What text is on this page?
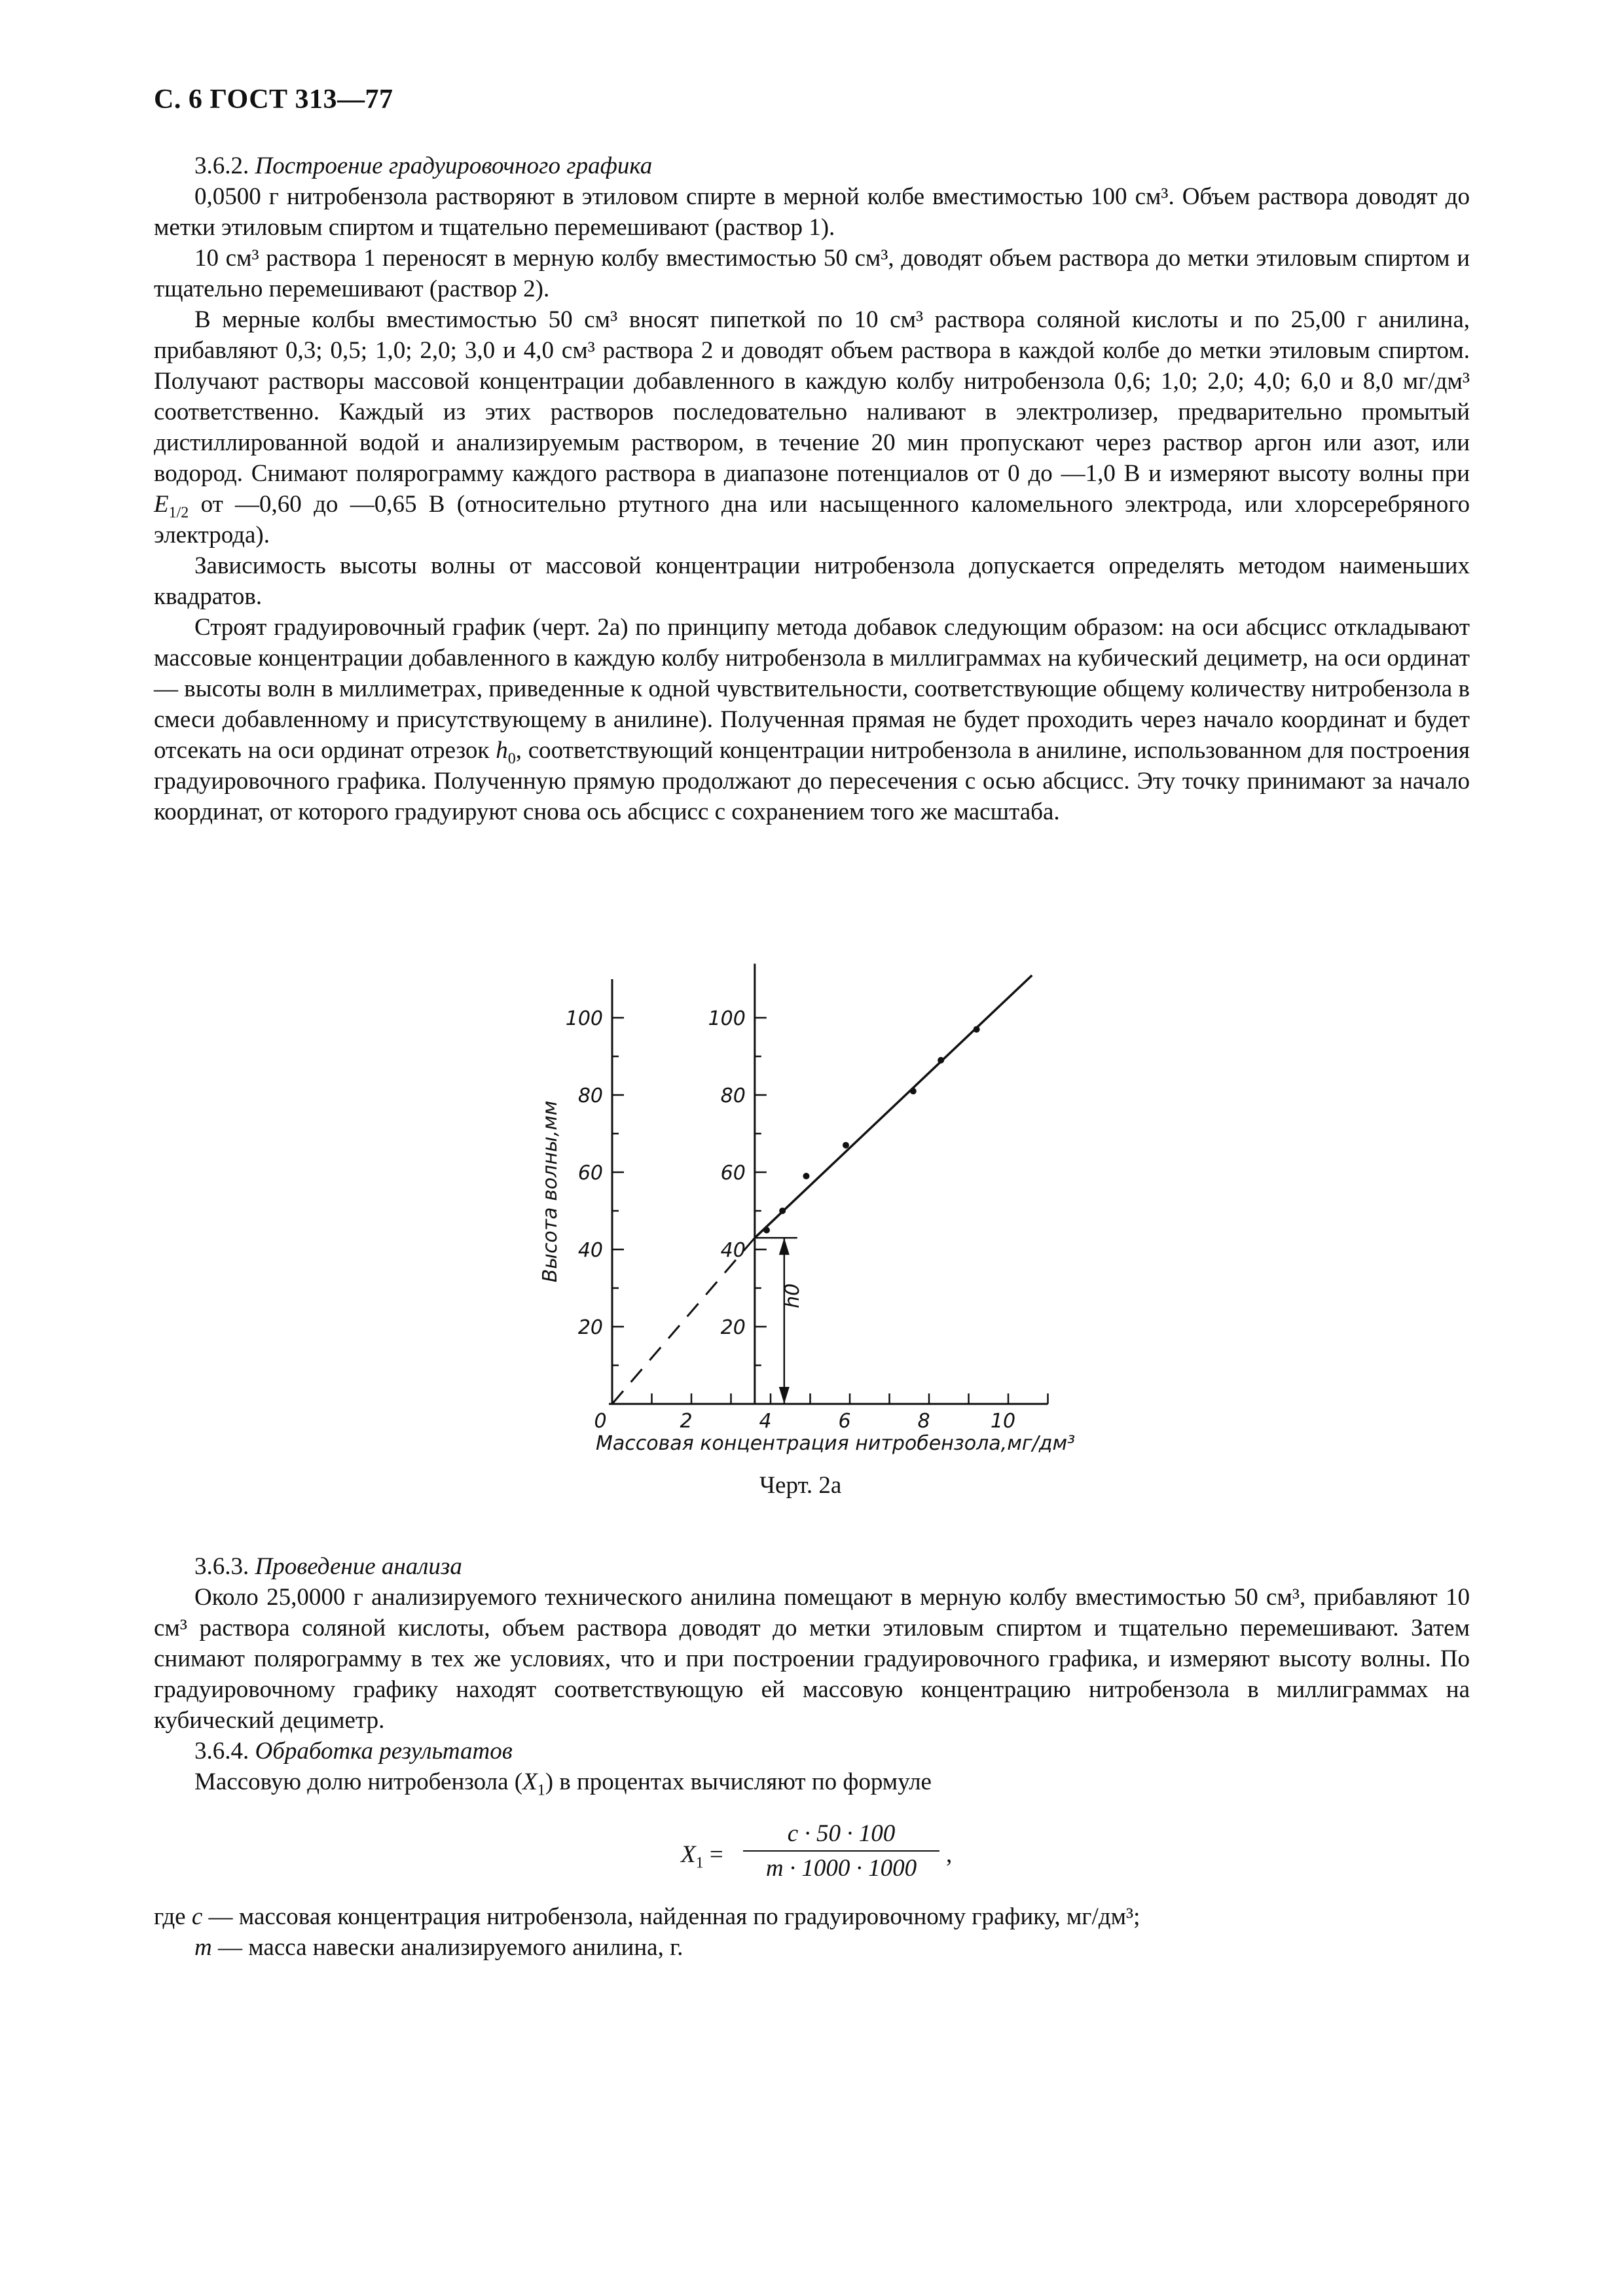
С. 6 ГОСТ 313—77

3.6.2. Построение градуировочного графика

0,0500 г нитробензола растворяют в этиловом спирте в мерной колбе вместимостью 100 см³. Объем раствора доводят до метки этиловым спиртом и тщательно перемешивают (раствор 1).

10 см³ раствора 1 переносят в мерную колбу вместимостью 50 см³, доводят объем раствора до метки этиловым спиртом и тщательно перемешивают (раствор 2).

В мерные колбы вместимостью 50 см³ вносят пипеткой по 10 см³ раствора соляной кислоты и по 25,00 г анилина, прибавляют 0,3; 0,5; 1,0; 2,0; 3,0 и 4,0 см³ раствора 2 и доводят объем раствора в каждой колбе до метки этиловым спиртом. Получают растворы массовой концентрации добавленного в каждую колбу нитробензола 0,6; 1,0; 2,0; 4,0; 6,0 и 8,0 мг/дм³ соответственно. Каждый из этих растворов последовательно наливают в электролизер, предварительно промытый дистиллированной водой и анализируемым раствором, в течение 20 мин пропускают через раствор аргон или азот, или водород. Снимают полярограмму каждого раствора в диапазоне потенциалов от 0 до —1,0 В и измеряют высоту волны при $E_{1/2}$ от —0,60 до —0,65 В (относительно ртутного дна или насыщенного каломельного электрода, или хлорсеребряного электрода).

Зависимость высоты волны от массовой концентрации нитробензола допускается определять методом наименьших квадратов.

Строят градуировочный график (черт. 2а) по принципу метода добавок следующим образом: на оси абсцисс откладывают массовые концентрации добавленного в каждую колбу нитробензола в миллиграммах на кубический дециметр, на оси ординат — высоты волн в миллиметрах, приведенные к одной чувствительности, соответствующие общему количеству нитробензола в смеси добавленному и присутствующему в анилине). Полученная прямая не будет проходить через начало координат и будет отсекать на оси ординат отрезок $h_0$, соответствующий концентрации нитробензола в анилине, использованном для построения градуировочного графика. Полученную прямую продолжают до пересечения с осью абсцисс. Эту точку принимают за начало координат, от которого градуируют снова ось абсцисс с сохранением того же масштаба.

20
40
60
80
100
20
40
60
80
100
0	2	4	6	8	10
Высота волны,мм
Массовая концентрация нитробензола,мг/дм³
h0
Черт. 2а

3.6.3. Проведение анализа

Около 25,0000 г анализируемого технического анилина помещают в мерную колбу вместимостью 50 см³, прибавляют 10 см³ раствора соляной кислоты, объем раствора доводят до метки этиловым спиртом и тщательно перемешивают. Затем снимают полярограмму в тех же условиях, что и при построении градуировочного графика, и измеряют высоту волны. По градуировочному графику находят соответствующую ей массовую концентрацию нитробензола в миллиграммах на кубический дециметр.

3.6.4. Обработка результатов

Массовую долю нитробензола $(X_1)$ в процентах вычисляют по формуле

$X_1$ =
c · 50 · 100
m · 1000 · 1000
,
где c — массовая концентрация нитробензола, найденная по градуировочному графику, мг/дм³;
m — масса навески анализируемого анилина, г.
